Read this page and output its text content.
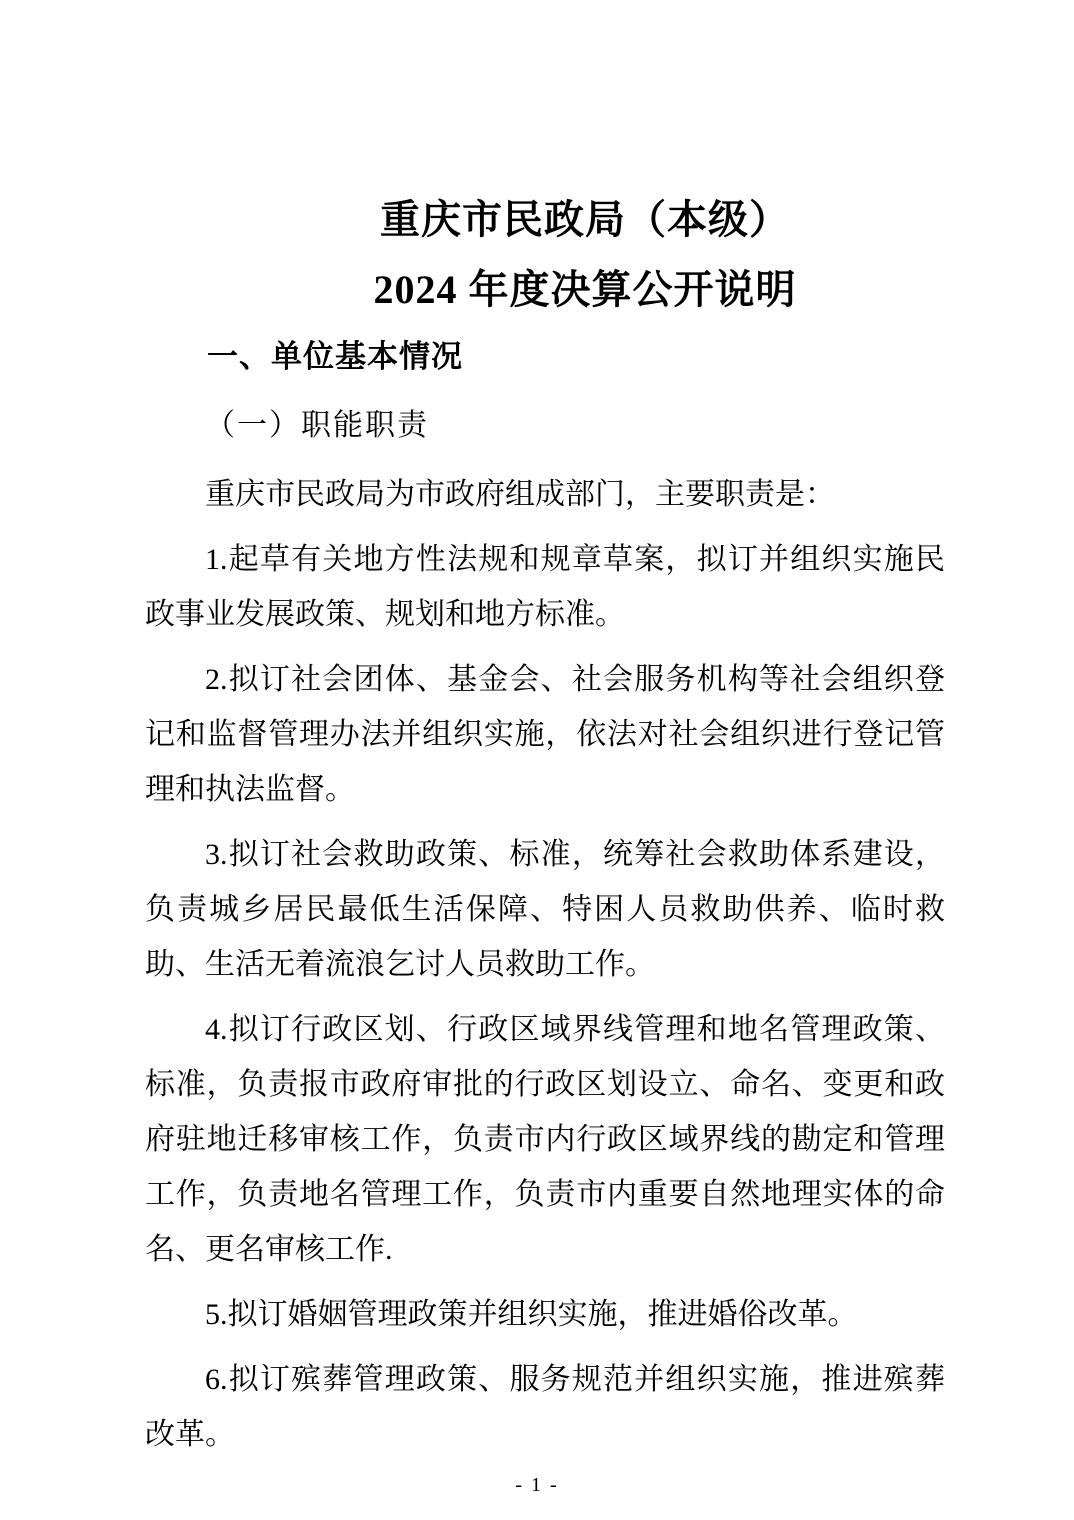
重庆市民政局（本级）
2024 年度决算公开说明
一、单位基本情况
（一）职能职责

重庆市民政局为市政府组成部门，主要职责是：

1.起草有关地方性法规和规章草案，拟订并组织实施民政事业发展政策、规划和地方标准。

2.拟订社会团体、基金会、社会服务机构等社会组织登记和监督管理办法并组织实施，依法对社会组织进行登记管理和执法监督。

3.拟订社会救助政策、标准，统筹社会救助体系建设，负责城乡居民最低生活保障、特困人员救助供养、临时救助、生活无着流浪乞讨人员救助工作。

4.拟订行政区划、行政区域界线管理和地名管理政策、标准，负责报市政府审批的行政区划设立、命名、变更和政府驻地迁移审核工作，负责市内行政区域界线的勘定和管理工作，负责地名管理工作，负责市内重要自然地理实体的命名、更名审核工作.

5.拟订婚姻管理政策并组织实施，推进婚俗改革。

6.拟订殡葬管理政策、服务规范并组织实施，推进殡葬改革。

- 1 -
